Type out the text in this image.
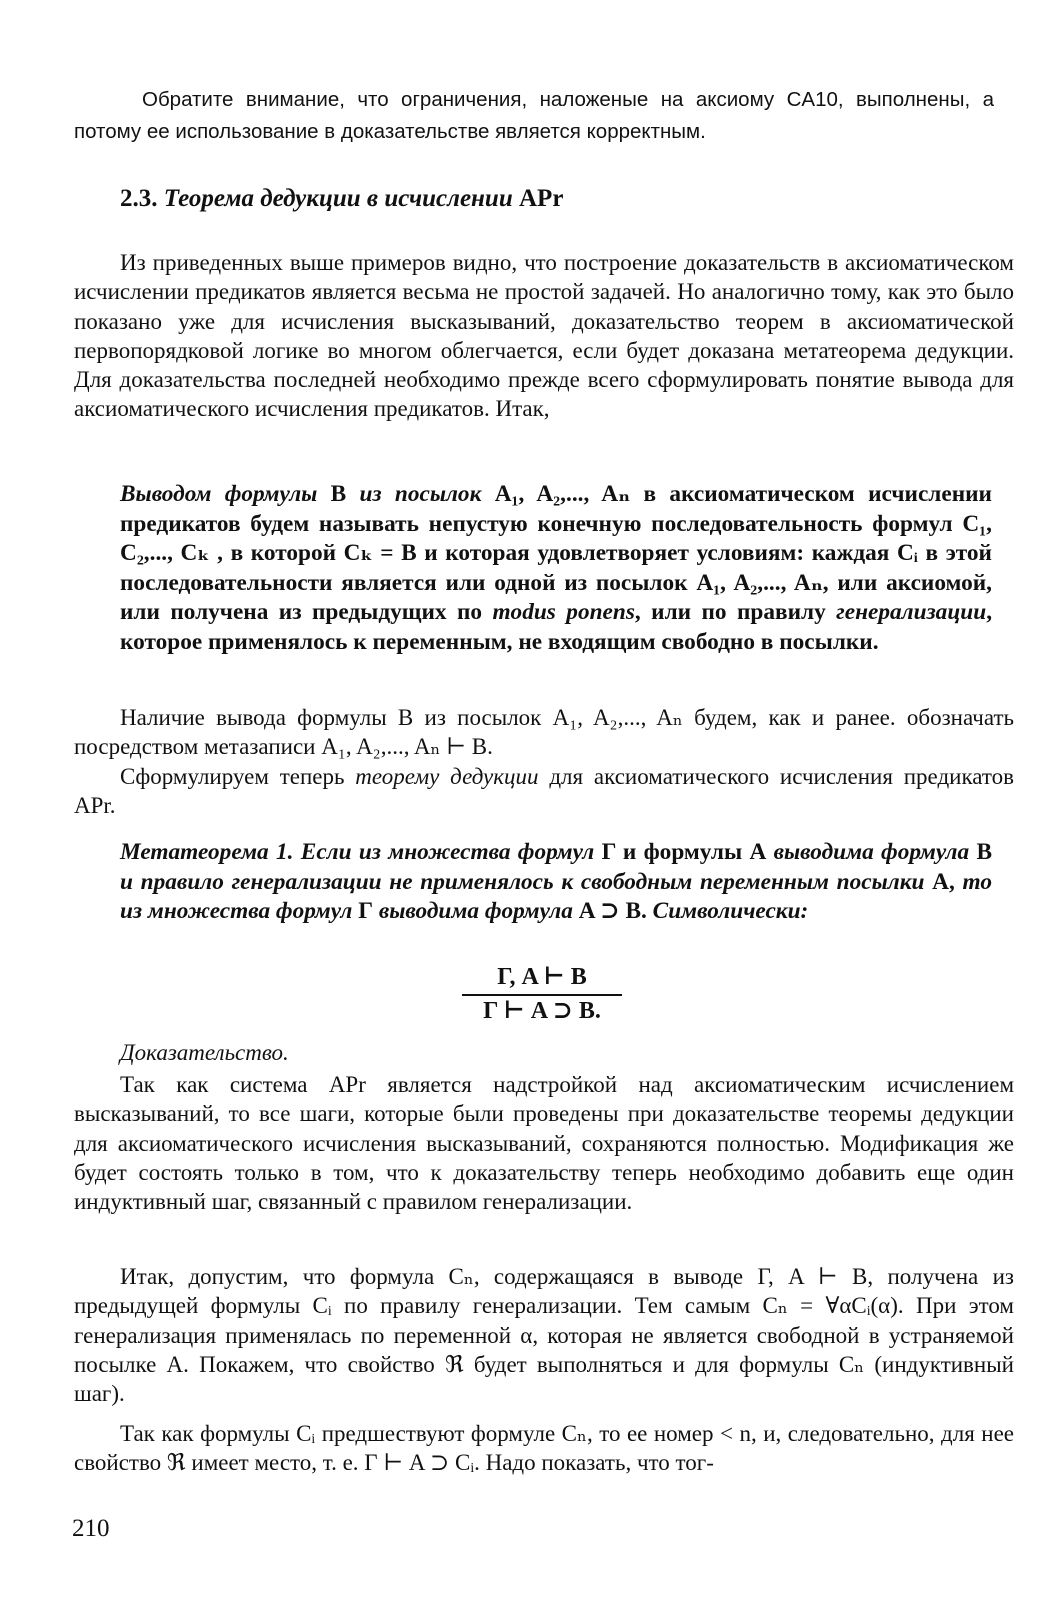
Обратите внимание, что ограничения, наложеные на аксиому CA10, выполнены, а потому ее использование в доказательстве является корректным.
2.3. Теорема дедукции в исчислении APr
Из приведенных выше примеров видно, что построение доказательств в аксиоматическом исчислении предикатов является весьма не простой задачей. Но аналогично тому, как это было показано уже для исчисления высказываний, доказательство теорем в аксиоматической первопорядковой логике во многом облегчается, если будет доказана метатеорема дедукции. Для доказательства последней необходимо прежде всего сформулировать понятие вывода для аксиоматического исчисления предикатов. Итак,
Выводом формулы B из посылок A₁, A₂,..., Aₙ в аксиоматическом исчислении предикатов будем называть непустую конечную последовательность формул C₁, C₂,..., Cₖ , в которой Cₖ = B и которая удовлетворяет условиям: каждая Cᵢ в этой последовательности является или одной из посылок A₁, A₂,..., Aₙ, или аксиомой, или получена из предыдущих по modus ponens, или по правилу генерализации, которое применялось к переменным, не входящим свободно в посылки.
Наличие вывода формулы B из посылок A₁, A₂,..., Aₙ будем, как и ранее. обозначать посредством метазаписи A₁, A₂,..., Aₙ ⊢ B.
Сформулируем теперь теорему дедукции для аксиоматического исчисления предикатов APr.
Метатеорема 1. Если из множества формул Γ и формулы A выводима формула B и правило генерализации не применялось к свободным переменным посылки A, то из множества формул Γ выводима формула A ⊃ B. Символически:
$\frac{\Gamma, A ⊢ B}{\Gamma ⊢ A ⊃ B.}$
Доказательство.
Так как система APr является надстройкой над аксиоматическим исчислением высказываний, то все шаги, которые были проведены при доказательстве теоремы дедукции для аксиоматического исчисления высказываний, сохраняются полностью. Модификация же будет состоять только в том, что к доказательству теперь необходимо добавить еще один индуктивный шаг, связанный с правилом генерализации.
Итак, допустим, что формула Cₙ, содержащаяся в выводе Γ, A ⊢ B, получена из предыдущей формулы Cᵢ по правилу генерализации. Тем самым Cₙ = ∀αCᵢ(α). При этом генерализация применялась по переменной α, которая не является свободной в устраняемой посылке A. Покажем, что свойство ℜ будет выполняться и для формулы Cₙ (индуктивный шаг).
Так как формулы Cᵢ предшествуют формуле Cₙ, то ее номер < n, и, следовательно, для нее свойство ℜ имеет место, т. е. Γ ⊢ A ⊃ Cᵢ. Надо показать, что тог-
210
